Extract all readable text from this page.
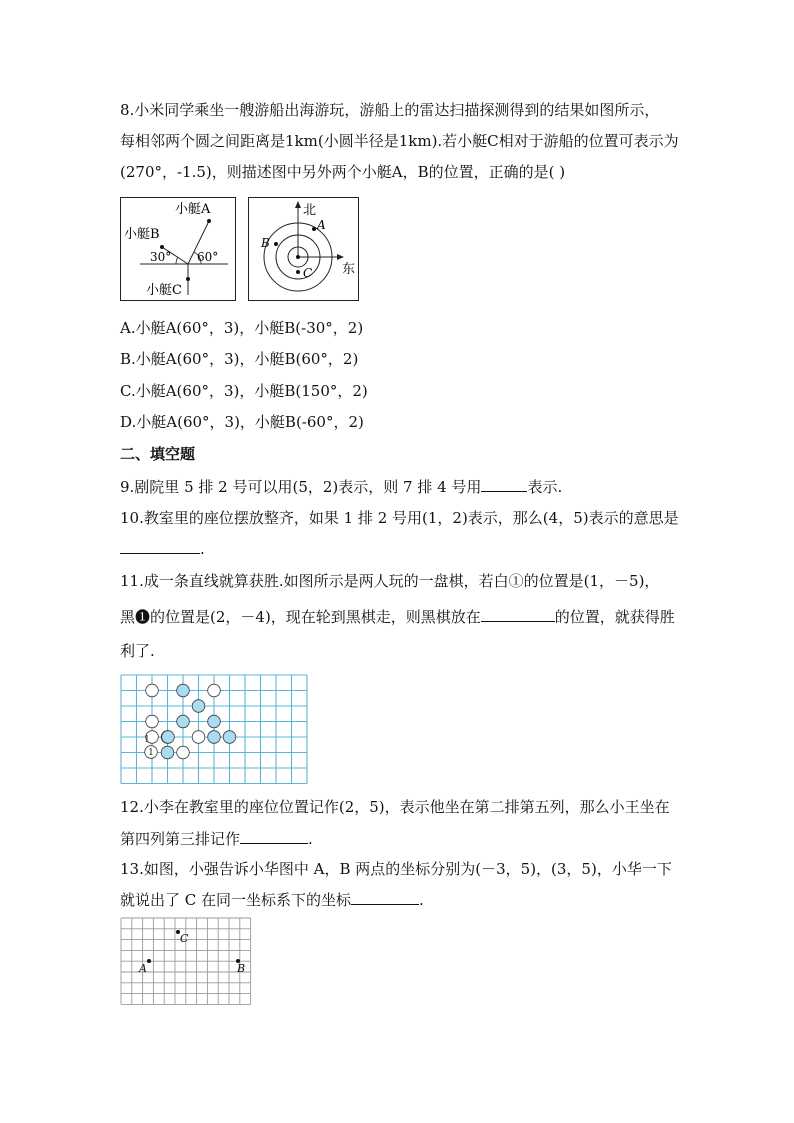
8.小米同学乘坐一艘游船出海游玩，游船上的雷达扫描探测得到的结果如图所示，
每相邻两个圆之间距离是1km(小圆半径是1km).若小艇C相对于游船的位置可表示为
(270°，-1.5)，则描述图中另外两个小艇A，B的位置，正确的是( )
小艇A
小艇B
小艇C
30° 60°
北
东
A
B
C
A.小艇A(60°，3)，小艇B(-30°，2)
B.小艇A(60°，3)，小艇B(60°，2)
C.小艇A(60°，3)，小艇B(150°，2)
D.小艇A(60°，3)，小艇B(-60°，2)
二、填空题
9.剧院里 5 排 2 号可以用(5，2)表示，则 7 排 4 号用	表示.
10.教室里的座位摆放整齐，如果 1 排 2 号用(1，2)表示，那么(4，5)表示的意思是
.
11.成一条直线就算获胜.如图所示是两人玩的一盘棋，若白①的位置是(1，－5)，
黑❶的位置是(2，－4)，现在轮到黑棋走，则黑棋放在	的位置，就获得胜
利了.
1
1
12.小李在教室里的座位位置记作(2，5)，表示他坐在第二排第五列，那么小王坐在
第四列第三排记作	.
13.如图，小强告诉小华图中 A，B 两点的坐标分别为(－3，5)，(3，5)，小华一下
就说出了 C 在同一坐标系下的坐标	.
A	B
C
